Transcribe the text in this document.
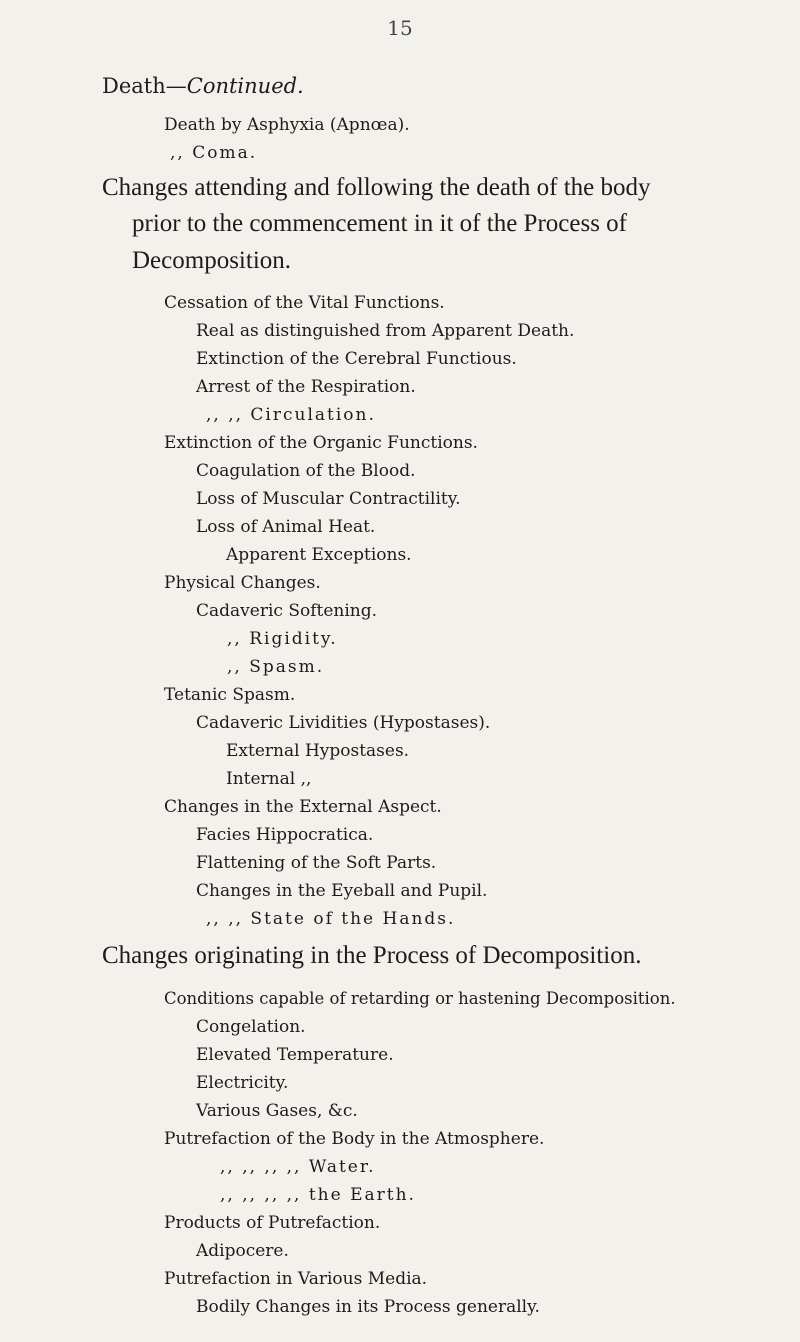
15
Death—Continued.
Death by Asphyxia (Apnœa).
,, Coma.
Changes attending and following the death of the body
prior to the commencement in it of the Process of
Decomposition.
Cessation of the Vital Functions.
Real as distinguished from Apparent Death.
Extinction of the Cerebral Functious.
Arrest of the Respiration.
,, ,, Circulation.
Extinction of the Organic Functions.
Coagulation of the Blood.
Loss of Muscular Contractility.
Loss of Animal Heat.
Apparent Exceptions.
Physical Changes.
Cadaveric Softening.
,, Rigidity.
,, Spasm.
Tetanic Spasm.
Cadaveric Lividities (Hypostases).
External Hypostases.
Internal ,,
Changes in the External Aspect.
Facies Hippocratica.
Flattening of the Soft Parts.
Changes in the Eyeball and Pupil.
,, ,, State of the Hands.
Changes originating in the Process of Decomposition.
Conditions capable of retarding or hastening Decomposition.
Congelation.
Elevated Temperature.
Electricity.
Various Gases, &c.
Putrefaction of the Body in the Atmosphere.
,, ,, ,, ,, Water.
,, ,, ,, ,, the Earth.
Products of Putrefaction.
Adipocere.
Putrefaction in Various Media.
Bodily Changes in its Process generally.
